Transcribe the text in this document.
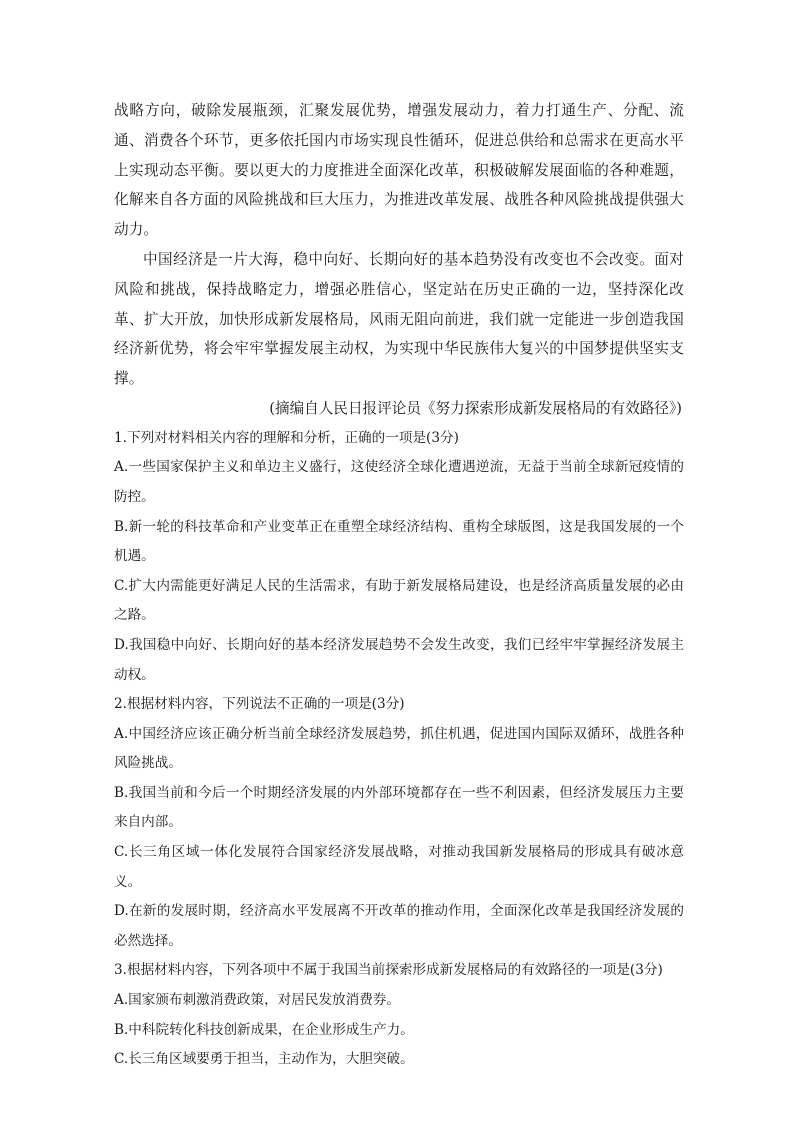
战略方向，破除发展瓶颈，汇聚发展优势，增强发展动力，着力打通生产、分配、流通、消费各个环节，更多依托国内市场实现良性循环，促进总供给和总需求在更高水平上实现动态平衡。要以更大的力度推进全面深化改革，积极破解发展面临的各种难题，化解来自各方面的风险挑战和巨大压力，为推进改革发展、战胜各种风险挑战提供强大动力。

中国经济是一片大海，稳中向好、长期向好的基本趋势没有改变也不会改变。面对风险和挑战，保持战略定力，增强必胜信心，坚定站在历史正确的一边，坚持深化改革、扩大开放，加快形成新发展格局，风雨无阻向前进，我们就一定能进一步创造我国经济新优势，将会牢牢掌握发展主动权，为实现中华民族伟大复兴的中国梦提供坚实支撑。

(摘编自人民日报评论员《努力探索形成新发展格局的有效路径》)

1.下列对材料相关内容的理解和分析，正确的一项是(3分)

A.一些国家保护主义和单边主义盛行，这使经济全球化遭遇逆流，无益于当前全球新冠疫情的防控。

B.新一轮的科技革命和产业变革正在重塑全球经济结构、重构全球版图，这是我国发展的一个机遇。

C.扩大内需能更好满足人民的生活需求，有助于新发展格局建设，也是经济高质量发展的必由之路。

D.我国稳中向好、长期向好的基本经济发展趋势不会发生改变，我们已经牢牢掌握经济发展主动权。

2.根据材料内容，下列说法不正确的一项是(3分)

A.中国经济应该正确分析当前全球经济发展趋势，抓住机遇，促进国内国际双循环，战胜各种风险挑战。

B.我国当前和今后一个时期经济发展的内外部环境都存在一些不利因素，但经济发展压力主要来自内部。

C.长三角区域一体化发展符合国家经济发展战略，对推动我国新发展格局的形成具有破冰意义。

D.在新的发展时期，经济高水平发展离不开改革的推动作用，全面深化改革是我国经济发展的必然选择。

3.根据材料内容，下列各项中不属于我国当前探索形成新发展格局的有效路径的一项是(3分)

A.国家颁布刺激消费政策，对居民发放消费券。

B.中科院转化科技创新成果，在企业形成生产力。

C.长三角区域要勇于担当，主动作为，大胆突破。
